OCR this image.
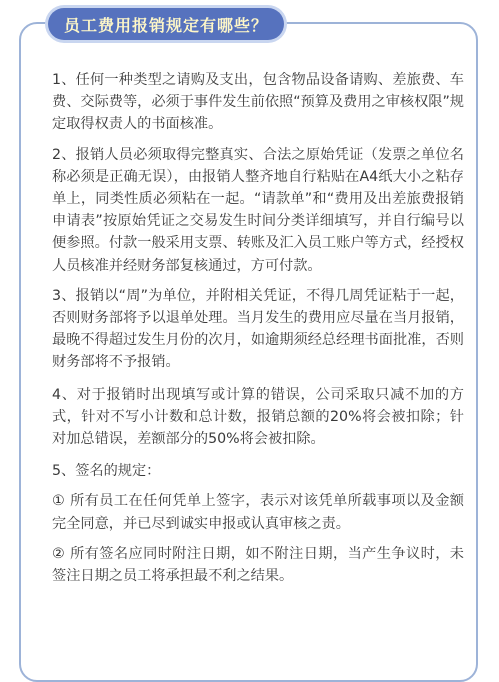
员工费用报销规定有哪些？

1、任何一种类型之请购及支出，包含物品设备请购、差旅费、车费、交际费等，必须于事件发生前依照“预算及费用之审核权限”规定取得权责人的书面核准。

2、报销人员必须取得完整真实、合法之原始凭证（发票之单位名称必须是正确无误），由报销人整齐地自行粘贴在A4纸大小之粘存单上，同类性质必须粘在一起。“请款单”和“费用及出差旅费报销申请表”按原始凭证之交易发生时间分类详细填写，并自行编号以便参照。付款一般采用支票、转账及汇入员工账户等方式，经授权人员核准并经财务部复核通过，方可付款。

3、报销以“周”为单位，并附相关凭证，不得几周凭证粘于一起，否则财务部将予以退单处理。当月发生的费用应尽量在当月报销，最晚不得超过发生月份的次月，如逾期须经总经理书面批准，否则财务部将不予报销。

4、对于报销时出现填写或计算的错误，公司采取只减不加的方式，针对不写小计数和总计数，报销总额的20%将会被扣除；针对加总错误，差额部分的50%将会被扣除。

5、签名的规定：

① 所有员工在任何凭单上签字，表示对该凭单所载事项以及金额完全同意，并已尽到诚实申报或认真审核之责。

② 所有签名应同时附注日期，如不附注日期，当产生争议时，未签注日期之员工将承担最不利之结果。
